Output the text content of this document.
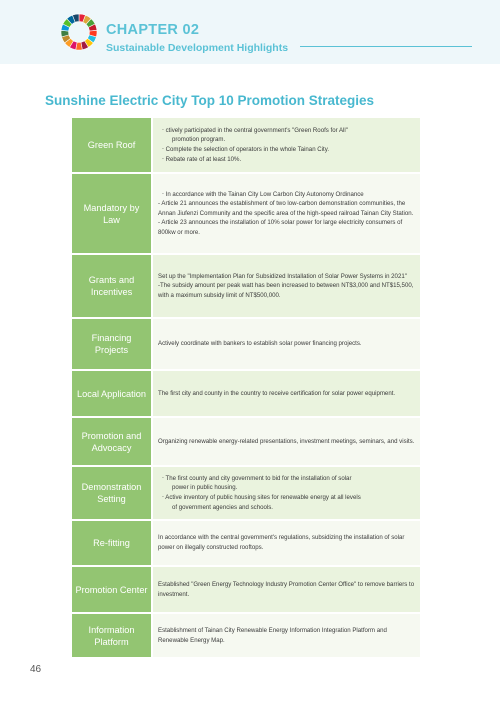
CHAPTER 02
Sustainable Development Highlights
Sunshine Electric City Top 10 Promotion Strategies
Green Roof

‧ ctively participated in the central government's "Green Roofs for All"

promotion program.

‧ Complete the selection of operators in the whole Tainan City.

‧ Rebate rate of at least 10%.

Mandatory by Law

‧ In accordance with the Tainan City Low Carbon City Autonomy Ordinance

- Article 21 announces the establishment of two low-carbon demonstration communities, the Annan Jiufenzi Community and the specific area of the high-speed railroad Tainan City Station.

- Article 23 announces the installation of 10% solar power for large electricity consumers of 800kw or more.

Grants and Incentives

Set up the "Implementation Plan for Subsidized Installation of Solar Power Systems in 2021"

-The subsidy amount per peak watt has been increased to between NT$3,000 and NT$15,500, with a maximum subsidy limit of NT$500,000.

Financing Projects

Actively coordinate with bankers to establish solar power financing projects.

Local Application	The first city and county in the country to receive certification for solar power equipment.

Promotion and Advocacy

Organizing renewable energy-related presentations, investment meetings, seminars, and visits.

Demonstration Setting

‧ The first county and city government to bid for the installation of solar

power in public housing.

‧ Active inventory of public housing sites for renewable energy at all levels

of government agencies and schools.

Re-fitting

In accordance with the central government's regulations, subsidizing the installation of solar power on illegally constructed rooftops.

Promotion Center

Established "Green Energy Technology Industry Promotion Center Office" to remove barriers to investment.

Information Platform

Establishment of Tainan City Renewable Energy Information Integration Platform and Renewable Energy Map.

46
